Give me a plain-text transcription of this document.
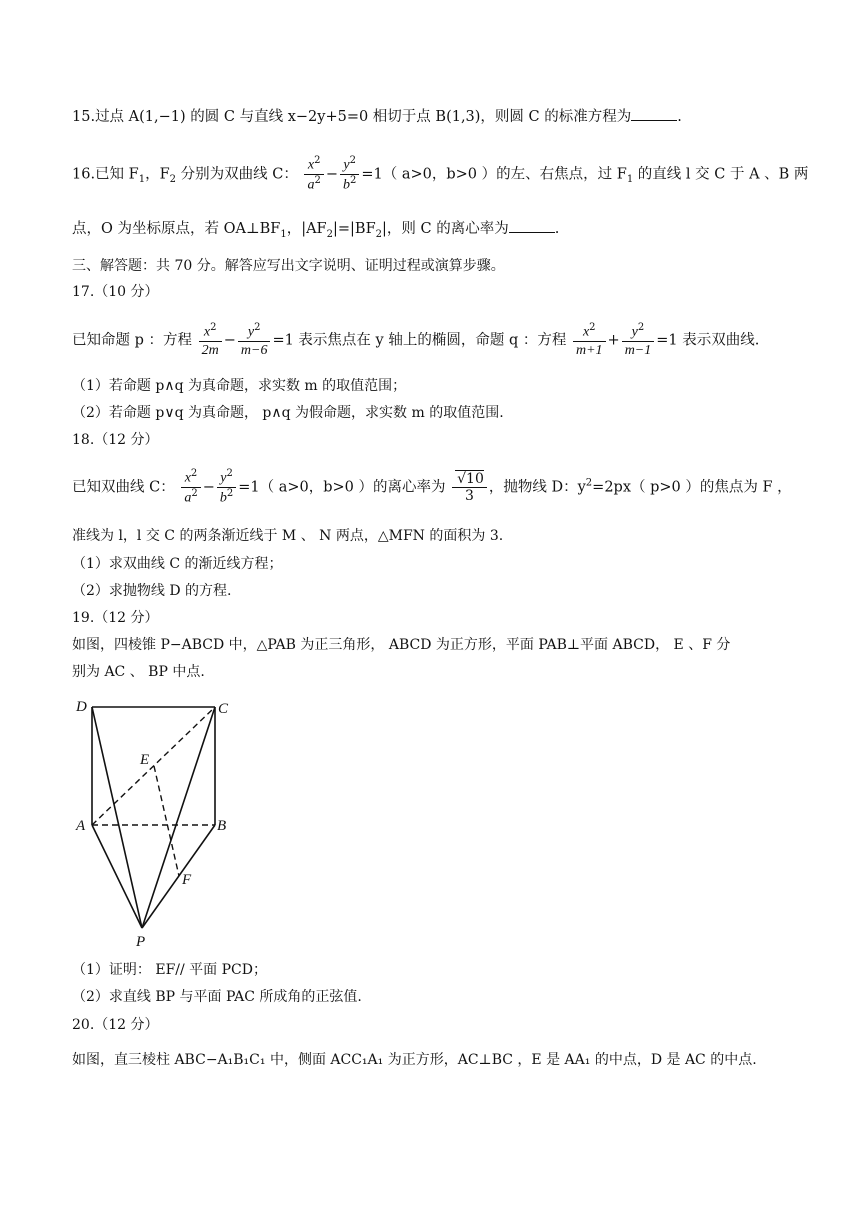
15.过点 A(1,−1) 的圆 C 与直线 x−2y+5=0 相切于点 B(1,3)，则圆 C 的标准方程为	.
16.已知 $F_1$，$F_2$ 分别为双曲线 C： $\frac{x^2}{a^2} - \frac{y^2}{b^2} =1$（ a>0，b>0 ）的左、右焦点，过 $F_1$ 的直线 l 交 C 于 A 、B 两
点，O 为坐标原点，若 $OA\perp BF_1$，$|AF_2|=|BF_2|$，则 C 的离心率为	.
三、解答题：共 70 分。解答应写出文字说明、证明过程或演算步骤。
17.（10 分）
已知命题 p ：方程 $\frac{x^2}{2m} - \frac{y^2}{m-6} =1$ 表示焦点在 y 轴上的椭圆，命题 q ：方程 $\frac{x^2}{m+1} + \frac{y^2}{m-1} =1$ 表示双曲线.
（1）若命题 p∧q 为真命题，求实数 m 的取值范围；
（2）若命题 p∨q 为真命题， p∧q 为假命题，求实数 m 的取值范围.
18.（12 分）
已知双曲线 C： $\frac{x^2}{a^2} - \frac{y^2}{b^2} =1$（ a>0，b>0 ）的离心率为 $\frac{√10}{3}$ ，抛物线 D：$y^2=2px$（ p>0 ）的焦点为 F ，
准线为 l，l 交 C 的两条渐近线于 M 、 N 两点，△MFN 的面积为 3.
（1）求双曲线 C 的渐近线方程；
（2）求抛物线 D 的方程.
19.（12 分）
如图，四棱锥 P−ABCD 中，△PAB 为正三角形， ABCD 为正方形，平面 PAB⊥平面 ABCD， E 、F 分
别为 AC 、 BP 中点.
D	C
E
A	B
F
P
（1）证明： EF// 平面 PCD；
（2）求直线 BP 与平面 PAC 所成角的正弦值.
20.（12 分）
如图，直三棱柱 ABC−A₁B₁C₁ 中，侧面 ACC₁A₁ 为正方形，AC⊥BC ，E 是 AA₁ 的中点，D 是 AC 的中点.
